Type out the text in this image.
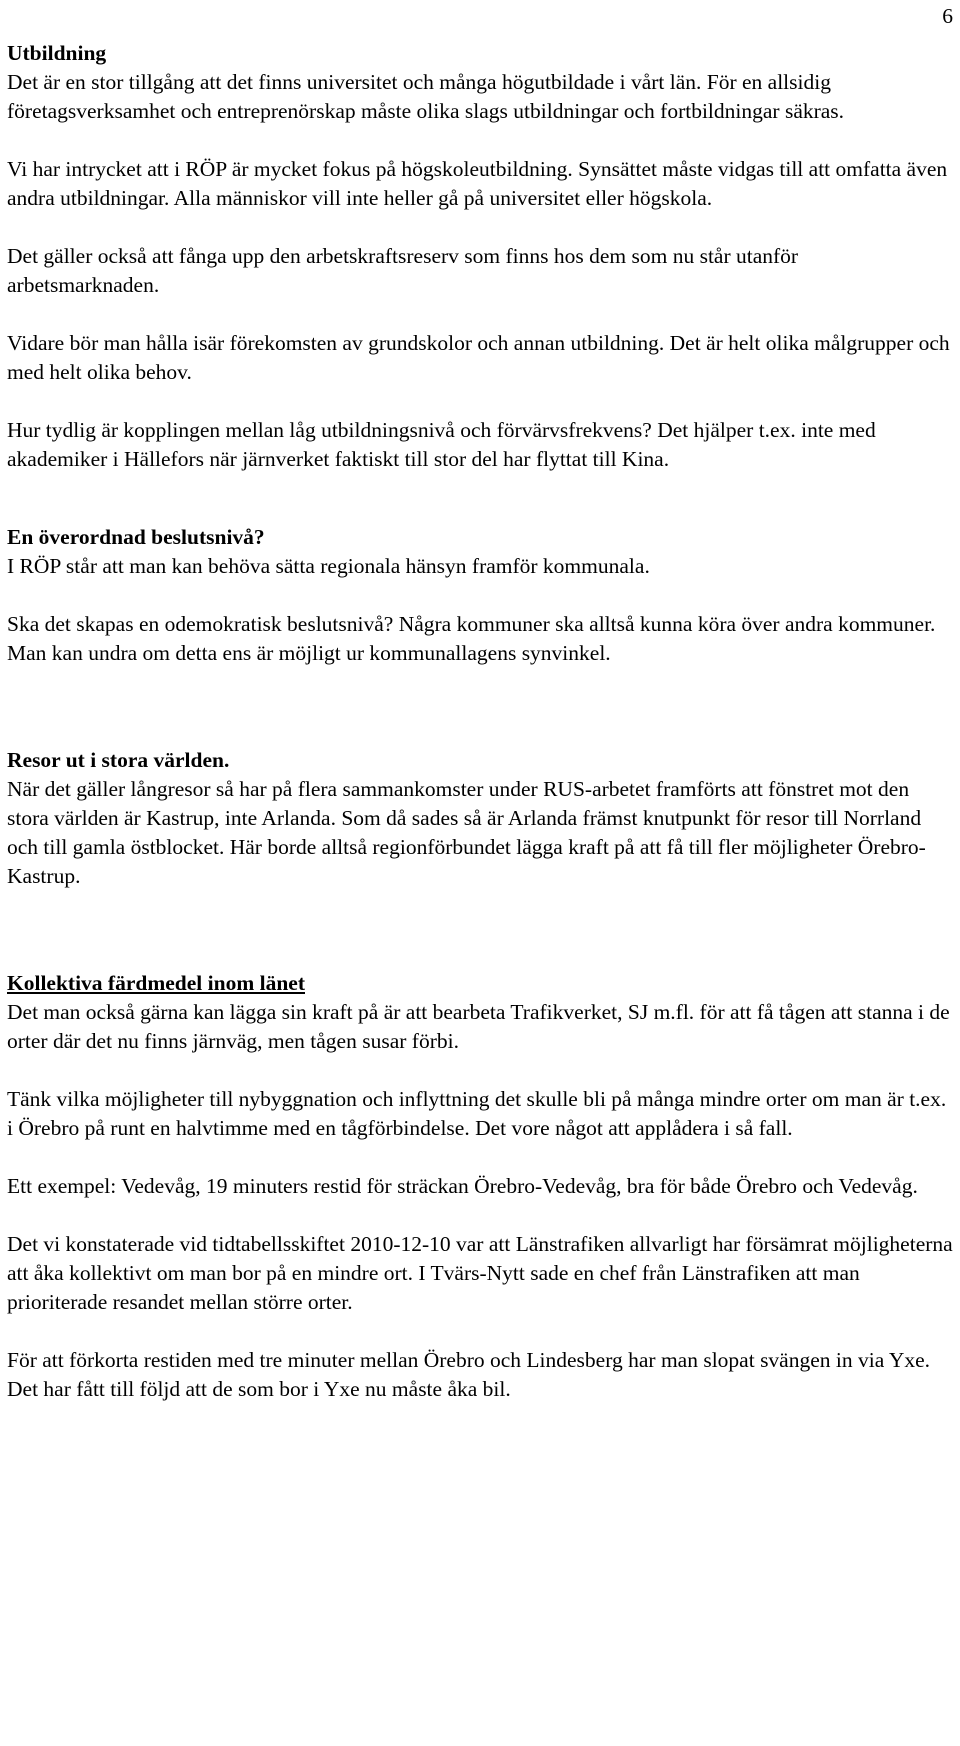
6

Utbildning

Det är en stor tillgång att det finns universitet och många högutbildade i vårt län. För en allsidig företagsverksamhet och entreprenörskap måste olika slags utbildningar och fortbildningar säkras.

Vi har intrycket att i RÖP är mycket fokus på högskoleutbildning. Synsättet måste vidgas till att omfatta även andra utbildningar. Alla människor vill inte heller gå på universitet eller högskola.

Det gäller också att fånga upp den arbetskraftsreserv som finns hos dem som nu står utanför arbetsmarknaden.

Vidare bör man hålla isär förekomsten av grundskolor och annan utbildning. Det är helt olika målgrupper och med helt olika behov.

Hur tydlig är kopplingen mellan låg utbildningsnivå och förvärvsfrekvens? Det hjälper t.ex. inte med akademiker i Hällefors när järnverket faktiskt till stor del har flyttat till Kina.

En överordnad beslutsnivå?

I RÖP står att man kan behöva sätta regionala hänsyn framför kommunala.

Ska det skapas en odemokratisk beslutsnivå? Några kommuner ska alltså kunna köra över andra kommuner. Man kan undra om detta ens är möjligt ur kommunallagens synvinkel.

Resor ut i stora världen.

När det gäller långresor så har på flera sammankomster under RUS-arbetet framförts att fönstret mot den stora världen är Kastrup, inte Arlanda. Som då sades så är Arlanda främst knutpunkt för resor till Norrland och till gamla östblocket. Här borde alltså regionförbundet lägga kraft på att få till fler möjligheter Örebro-Kastrup.

Kollektiva färdmedel inom länet

Det man också gärna kan lägga sin kraft på är att bearbeta Trafikverket, SJ m.fl. för att få tågen att stanna i de orter där det nu finns järnväg, men tågen susar förbi.

Tänk vilka möjligheter till nybyggnation och inflyttning det skulle bli på många mindre orter om man är t.ex. i Örebro på runt en halvtimme med en tågförbindelse. Det vore något att applådera i så fall.

Ett exempel: Vedevåg, 19 minuters restid för sträckan Örebro-Vedevåg, bra för både Örebro och Vedevåg.

Det vi konstaterade vid tidtabellsskiftet 2010-12-10 var att Länstrafiken allvarligt har försämrat möjligheterna att åka kollektivt om man bor på en mindre ort. I Tvärs-Nytt sade en chef från Länstrafiken att man prioriterade resandet mellan större orter.

För att förkorta restiden med tre minuter mellan Örebro och Lindesberg har man slopat svängen in via Yxe. Det har fått till följd att de som bor i Yxe nu måste åka bil.
